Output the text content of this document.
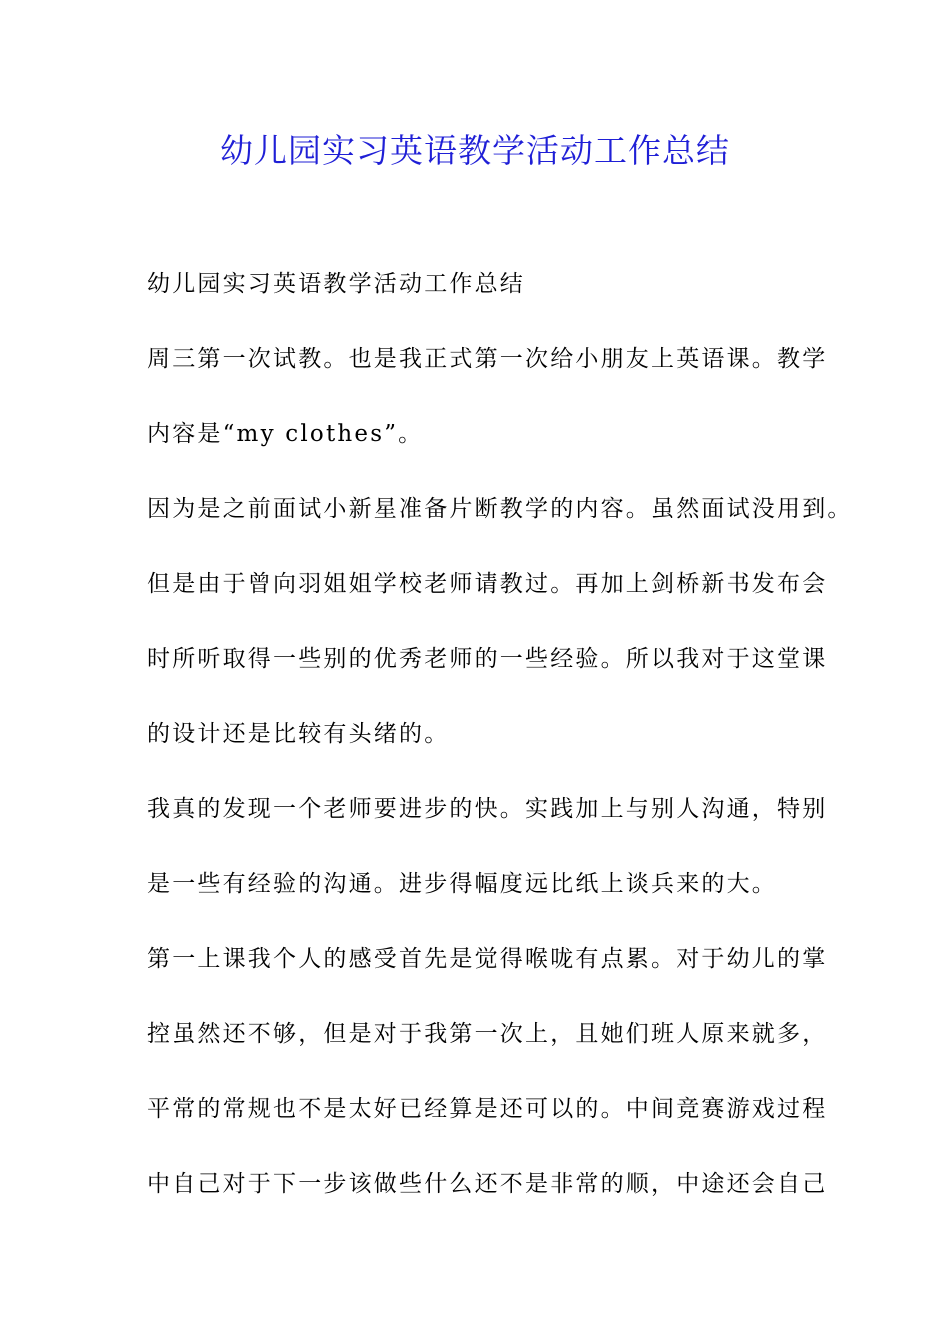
幼儿园实习英语教学活动工作总结
幼儿园实习英语教学活动工作总结
周三第一次试教。也是我正式第一次给小朋友上英语课。教学
内容是“my clothes”。
因为是之前面试小新星准备片断教学的内容。虽然面试没用到。
但是由于曾向羽姐姐学校老师请教过。再加上剑桥新书发布会
时所听取得一些别的优秀老师的一些经验。所以我对于这堂课
的设计还是比较有头绪的。
我真的发现一个老师要进步的快。实践加上与别人沟通，特别
是一些有经验的沟通。进步得幅度远比纸上谈兵来的大。
第一上课我个人的感受首先是觉得喉咙有点累。对于幼儿的掌
控虽然还不够，但是对于我第一次上，且她们班人原来就多，
平常的常规也不是太好已经算是还可以的。中间竞赛游戏过程
中自己对于下一步该做些什么还不是非常的顺，中途还会自己
